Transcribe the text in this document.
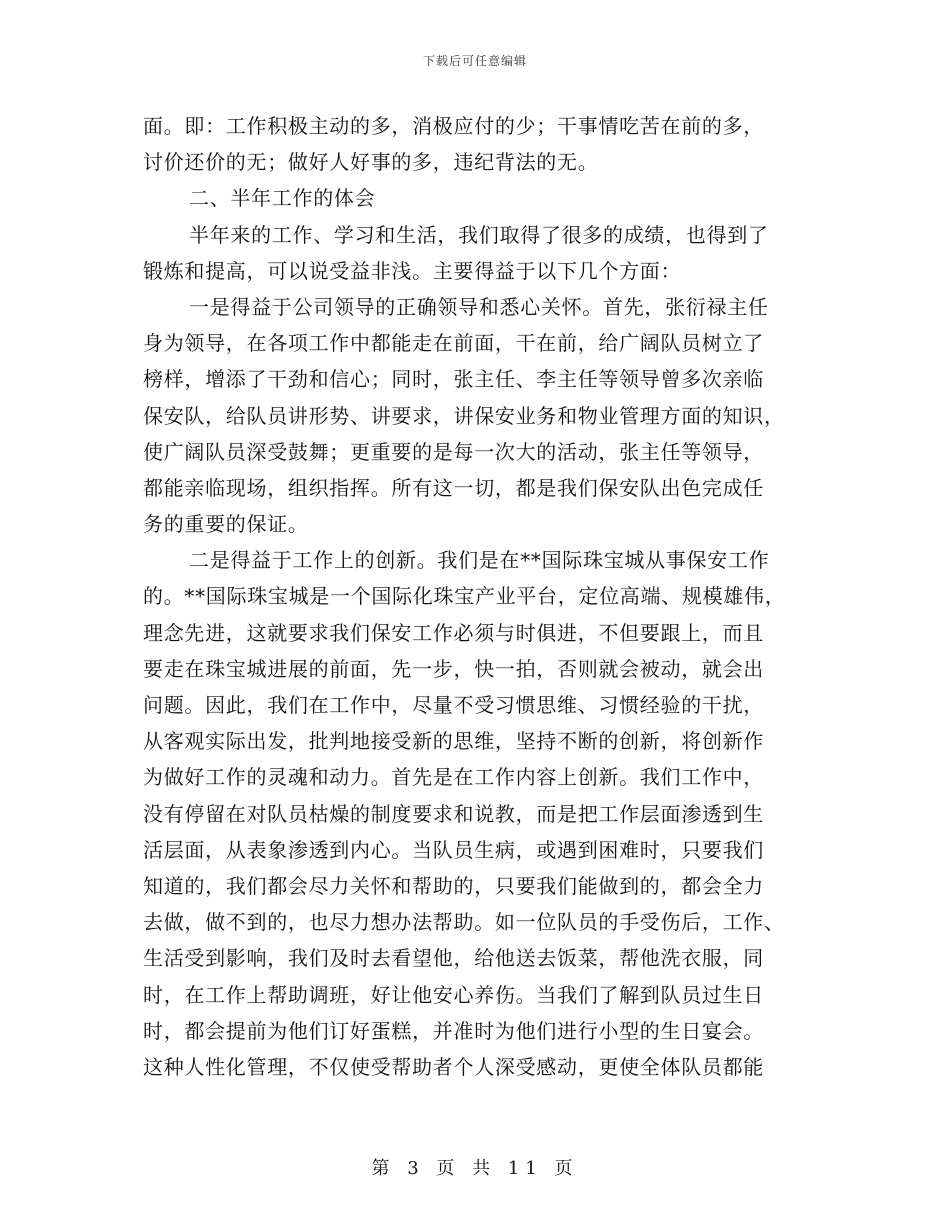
下载后可任意编辑
面。即：工作积极主动的多，消极应付的少；干事情吃苦在前的多，
讨价还价的无；做好人好事的多，违纪背法的无。
二、半年工作的体会
半年来的工作、学习和生活，我们取得了很多的成绩，也得到了
锻炼和提高，可以说受益非浅。主要得益于以下几个方面：
一是得益于公司领导的正确领导和悉心关怀。首先，张衍禄主任
身为领导，在各项工作中都能走在前面，干在前，给广阔队员树立了
榜样，增添了干劲和信心；同时，张主任、李主任等领导曾多次亲临
保安队，给队员讲形势、讲要求，讲保安业务和物业管理方面的知识，
使广阔队员深受鼓舞；更重要的是每一次大的活动，张主任等领导，
都能亲临现场，组织指挥。所有这一切，都是我们保安队出色完成任
务的重要的保证。
二是得益于工作上的创新。我们是在**国际珠宝城从事保安工作
的。**国际珠宝城是一个国际化珠宝产业平台，定位高端、规模雄伟，
理念先进，这就要求我们保安工作必须与时俱进，不但要跟上，而且
要走在珠宝城进展的前面，先一步，快一拍，否则就会被动，就会出
问题。因此，我们在工作中，尽量不受习惯思维、习惯经验的干扰，
从客观实际出发，批判地接受新的思维，坚持不断的创新，将创新作
为做好工作的灵魂和动力。首先是在工作内容上创新。我们工作中，
没有停留在对队员枯燥的制度要求和说教，而是把工作层面渗透到生
活层面，从表象渗透到内心。当队员生病，或遇到困难时，只要我们
知道的，我们都会尽力关怀和帮助的，只要我们能做到的，都会全力
去做，做不到的，也尽力想办法帮助。如一位队员的手受伤后，工作、
生活受到影响，我们及时去看望他，给他送去饭菜，帮他洗衣服，同
时，在工作上帮助调班，好让他安心养伤。当我们了解到队员过生日
时，都会提前为他们订好蛋糕，并准时为他们进行小型的生日宴会。
这种人性化管理，不仅使受帮助者个人深受感动，更使全体队员都能
第 3 页 共 11 页
